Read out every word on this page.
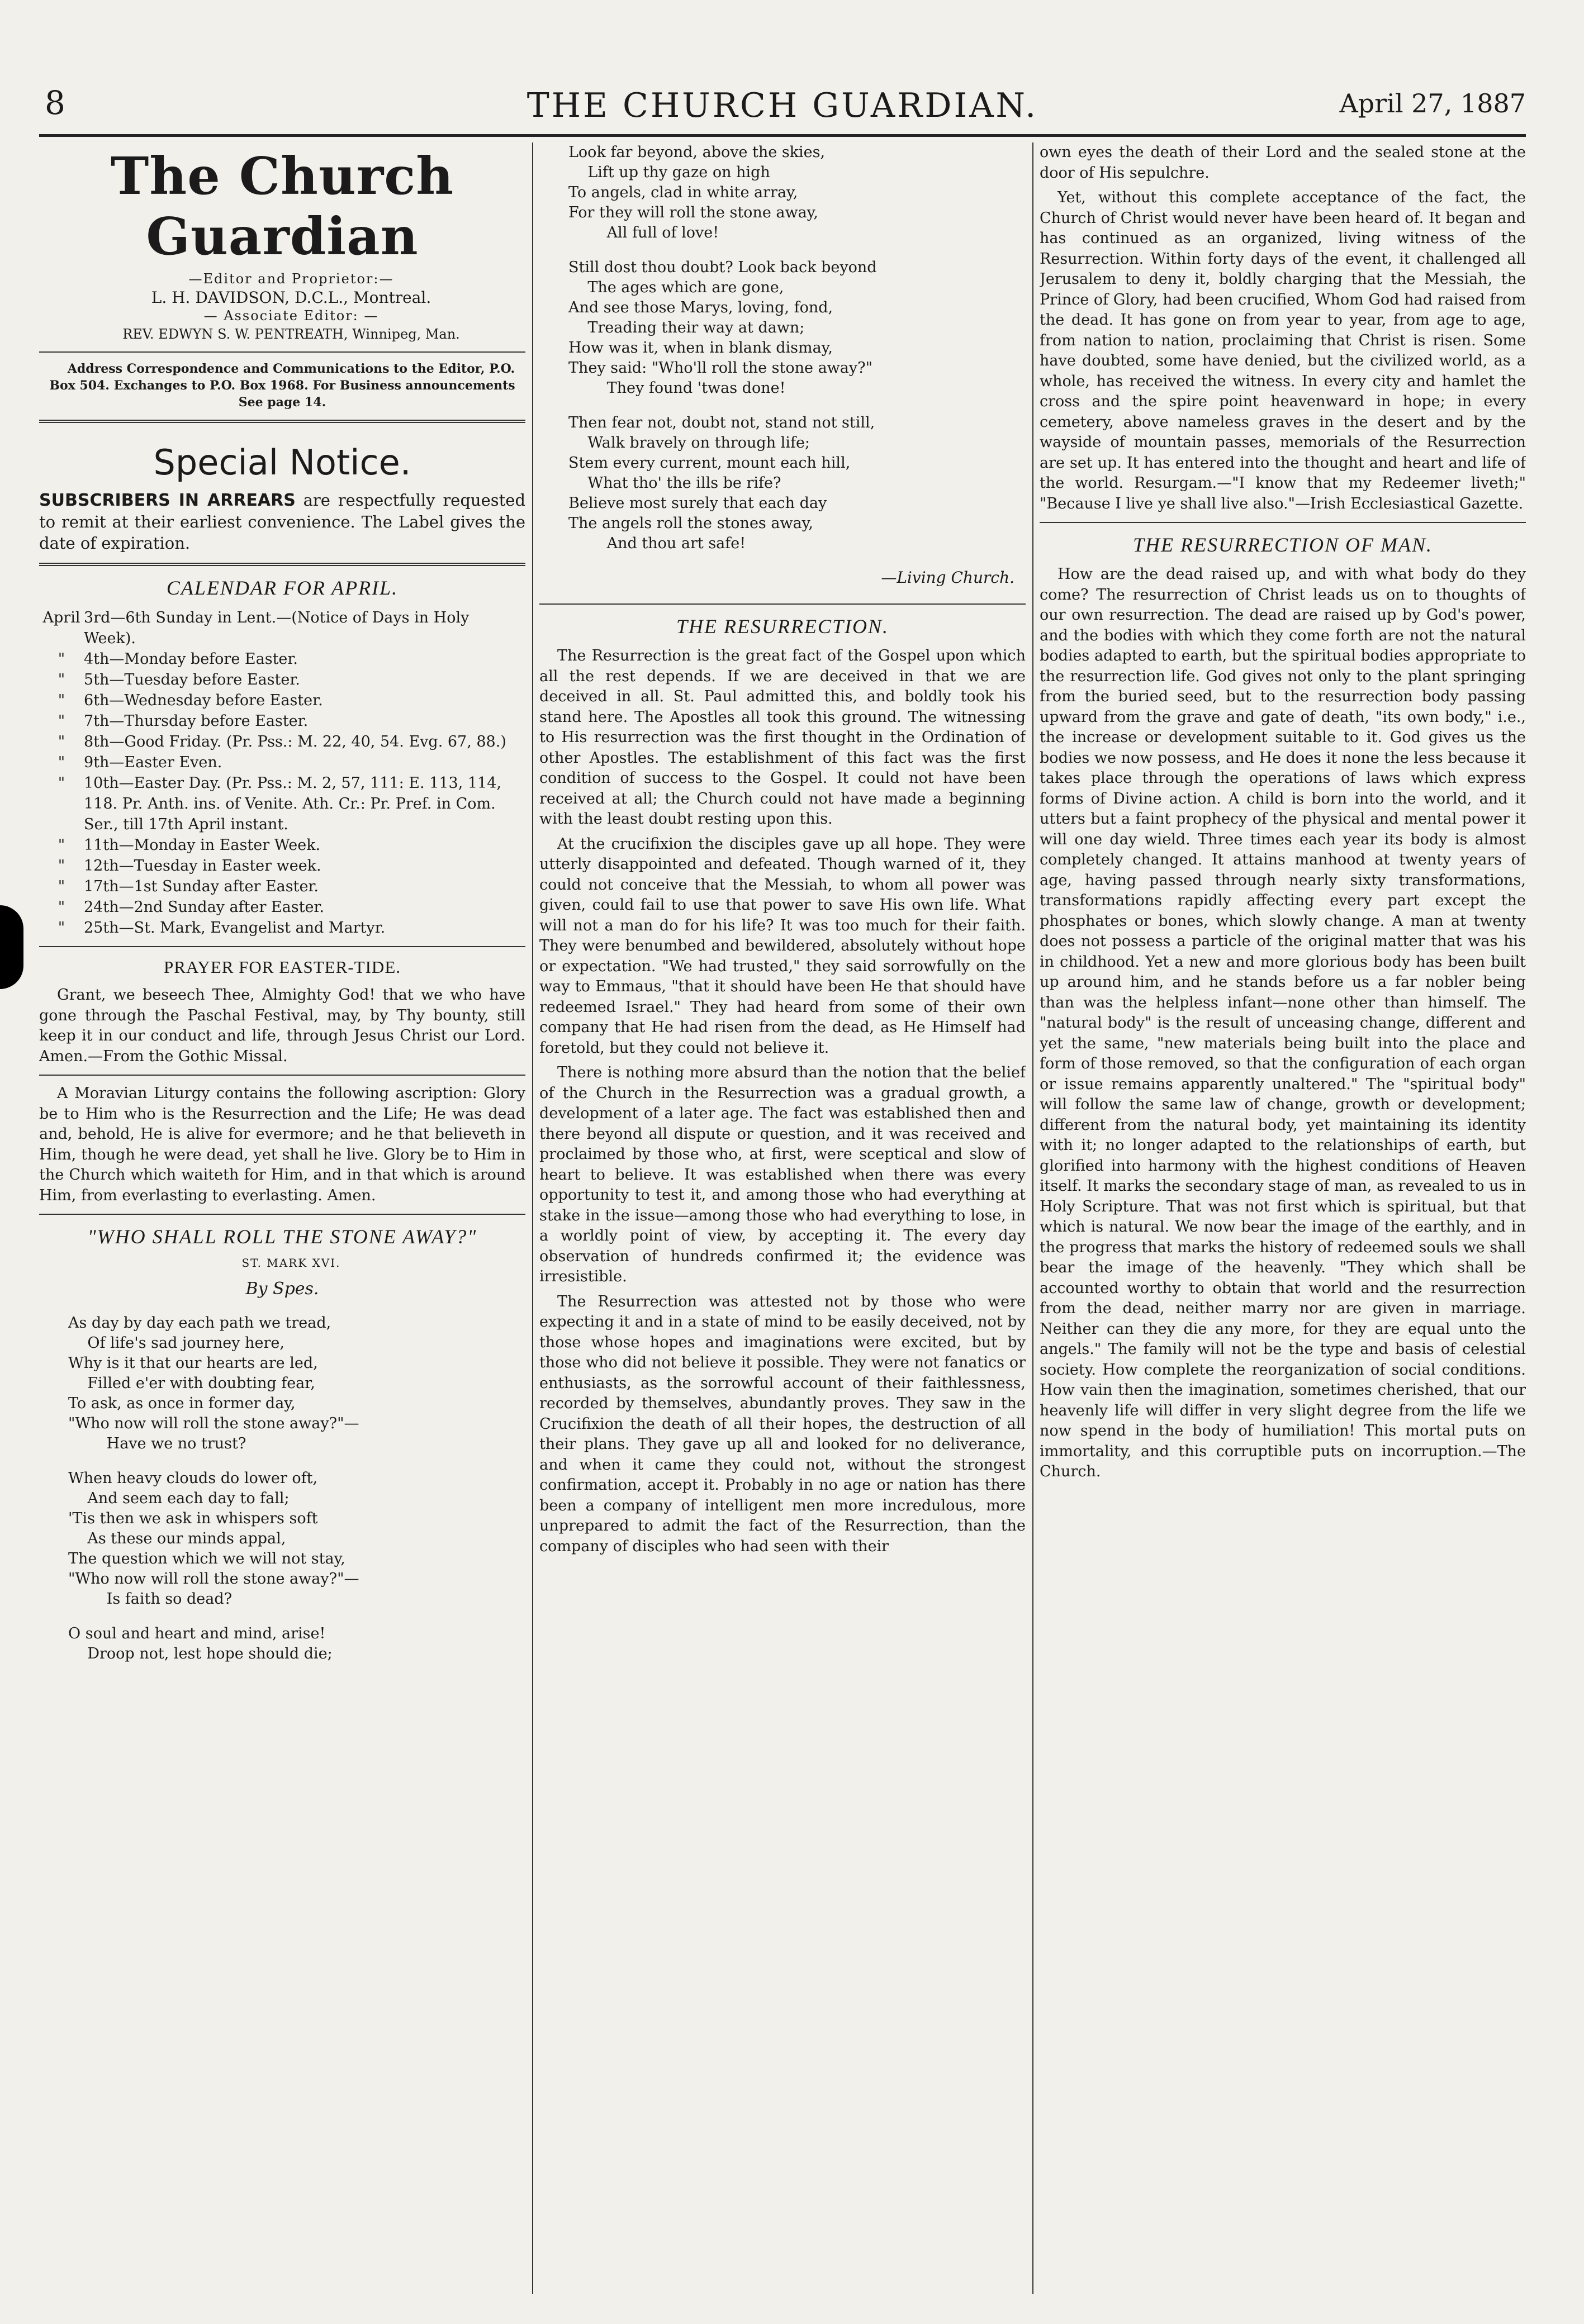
8	THE CHURCH GUARDIAN.	April 27, 1887
The Church Guardian

—Editor and Proprietor:—

L. H. DAVIDSON, D.C.L., Montreal.

— Associate Editor: —

REV. EDWYN S. W. PENTREATH, Winnipeg, Man.

Address Correspondence and Communications to the Editor, P.O. Box 504. Exchanges to P.O. Box 1968. For Business announcements See page 14.

Special Notice.

SUBSCRIBERS IN ARREARS are respectfully requested to remit at their earliest convenience. The Label gives the date of expiration.

CALENDAR FOR APRIL.
April 3rd—6th Sunday in Lent.—(Notice of Days in Holy Week).
"	4th—Monday before Easter.
"	5th—Tuesday before Easter.
"	6th—Wednesday before Easter.
"	7th—Thursday before Easter.
"	8th—Good Friday. (Pr. Pss.: M. 22, 40, 54. Evg. 67, 88.)
"	9th—Easter Even.
"	10th—Easter Day. (Pr. Pss.: M. 2, 57, 111: E. 113, 114, 118. Pr. Anth. ins. of Venite. Ath. Cr.: Pr. Pref. in Com. Ser., till 17th April instant.
"	11th—Monday in Easter Week.
"	12th—Tuesday in Easter week.
"	17th—1st Sunday after Easter.
"	24th—2nd Sunday after Easter.
"	25th—St. Mark, Evangelist and Martyr.
PRAYER FOR EASTER-TIDE.

Grant, we beseech Thee, Almighty God! that we who have gone through the Paschal Festival, may, by Thy bounty, still keep it in our conduct and life, through Jesus Christ our Lord. Amen.—From the Gothic Missal.

A Moravian Liturgy contains the following ascription: Glory be to Him who is the Resurrection and the Life; He was dead and, behold, He is alive for evermore; and he that believeth in Him, though he were dead, yet shall he live. Glory be to Him in the Church which waiteth for Him, and in that which is around Him, from everlasting to everlasting. Amen.

"WHO SHALL ROLL THE STONE AWAY?"

ST. MARK XVI.

By Spes.

As day by day each path we tread,

Of life's sad journey here,

Why is it that our hearts are led,

Filled e'er with doubting fear,

To ask, as once in former day,

"Who now will roll the stone away?"—

Have we no trust?

When heavy clouds do lower oft,

And seem each day to fall;

'Tis then we ask in whispers soft

As these our minds appal,

The question which we will not stay,

"Who now will roll the stone away?"—

Is faith so dead?

O soul and heart and mind, arise!

Droop not, lest hope should die;

Look far beyond, above the skies,

Lift up thy gaze on high

To angels, clad in white array,

For they will roll the stone away,

All full of love!

Still dost thou doubt? Look back beyond

The ages which are gone,

And see those Marys, loving, fond,

Treading their way at dawn;

How was it, when in blank dismay,

They said: "Who'll roll the stone away?"

They found 'twas done!

Then fear not, doubt not, stand not still,

Walk bravely on through life;

Stem every current, mount each hill,

What tho' the ills be rife?

Believe most surely that each day

The angels roll the stones away,

And thou art safe!

—Living Church.
THE RESURRECTION.

The Resurrection is the great fact of the Gospel upon which all the rest depends. If we are deceived in that we are deceived in all. St. Paul admitted this, and boldly took his stand here. The Apostles all took this ground. The witnessing to His resurrection was the first thought in the Ordination of other Apostles. The establishment of this fact was the first condition of success to the Gospel. It could not have been received at all; the Church could not have made a beginning with the least doubt resting upon this.

At the crucifixion the disciples gave up all hope. They were utterly disappointed and defeated. Though warned of it, they could not conceive that the Messiah, to whom all power was given, could fail to use that power to save His own life. What will not a man do for his life? It was too much for their faith. They were benumbed and bewildered, absolutely without hope or expectation. "We had trusted," they said sorrowfully on the way to Emmaus, "that it should have been He that should have redeemed Israel." They had heard from some of their own company that He had risen from the dead, as He Himself had foretold, but they could not believe it.

There is nothing more absurd than the notion that the belief of the Church in the Resurrection was a gradual growth, a development of a later age. The fact was established then and there beyond all dispute or question, and it was received and proclaimed by those who, at first, were sceptical and slow of heart to believe. It was established when there was every opportunity to test it, and among those who had everything at stake in the issue—among those who had everything to lose, in a worldly point of view, by accepting it. The every day observation of hundreds confirmed it; the evidence was irresistible.

The Resurrection was attested not by those who were expecting it and in a state of mind to be easily deceived, not by those whose hopes and imaginations were excited, but by those who did not believe it possible. They were not fanatics or enthusiasts, as the sorrowful account of their faithlessness, recorded by themselves, abundantly proves. They saw in the Crucifixion the death of all their hopes, the destruction of all their plans. They gave up all and looked for no deliverance, and when it came they could not, without the strongest confirmation, accept it. Probably in no age or nation has there been a company of intelligent men more incredulous, more unprepared to admit the fact of the Resurrection, than the company of disciples who had seen with their

own eyes the death of their Lord and the sealed stone at the door of His sepulchre.

Yet, without this complete acceptance of the fact, the Church of Christ would never have been heard of. It began and has continued as an organized, living witness of the Resurrection. Within forty days of the event, it challenged all Jerusalem to deny it, boldly charging that the Messiah, the Prince of Glory, had been crucified, Whom God had raised from the dead. It has gone on from year to year, from age to age, from nation to nation, proclaiming that Christ is risen. Some have doubted, some have denied, but the civilized world, as a whole, has received the witness. In every city and hamlet the cross and the spire point heavenward in hope; in every cemetery, above nameless graves in the desert and by the wayside of mountain passes, memorials of the Resurrection are set up. It has entered into the thought and heart and life of the world. Resurgam.—"I know that my Redeemer liveth;" "Because I live ye shall live also."—Irish Ecclesiastical Gazette.

THE RESURRECTION OF MAN.

How are the dead raised up, and with what body do they come? The resurrection of Christ leads us on to thoughts of our own resurrection. The dead are raised up by God's power, and the bodies with which they come forth are not the natural bodies adapted to earth, but the spiritual bodies appropriate to the resurrection life. God gives not only to the plant springing from the buried seed, but to the resurrection body passing upward from the grave and gate of death, "its own body," i.e., the increase or development suitable to it. God gives us the bodies we now possess, and He does it none the less because it takes place through the operations of laws which express forms of Divine action. A child is born into the world, and it utters but a faint prophecy of the physical and mental power it will one day wield. Three times each year its body is almost completely changed. It attains manhood at twenty years of age, having passed through nearly sixty transformations, transformations rapidly affecting every part except the phosphates or bones, which slowly change. A man at twenty does not possess a particle of the original matter that was his in childhood. Yet a new and more glorious body has been built up around him, and he stands before us a far nobler being than was the helpless infant—none other than himself. The "natural body" is the result of unceasing change, different and yet the same, "new materials being built into the place and form of those removed, so that the configuration of each organ or issue remains apparently unaltered." The "spiritual body" will follow the same law of change, growth or development; different from the natural body, yet maintaining its identity with it; no longer adapted to the relationships of earth, but glorified into harmony with the highest conditions of Heaven itself. It marks the secondary stage of man, as revealed to us in Holy Scripture. That was not first which is spiritual, but that which is natural. We now bear the image of the earthly, and in the progress that marks the history of redeemed souls we shall bear the image of the heavenly. "They which shall be accounted worthy to obtain that world and the resurrection from the dead, neither marry nor are given in marriage. Neither can they die any more, for they are equal unto the angels." The family will not be the type and basis of celestial society. How complete the reorganization of social conditions. How vain then the imagination, sometimes cherished, that our heavenly life will differ in very slight degree from the life we now spend in the body of humiliation! This mortal puts on immortality, and this corruptible puts on incorruption.—The Church.
